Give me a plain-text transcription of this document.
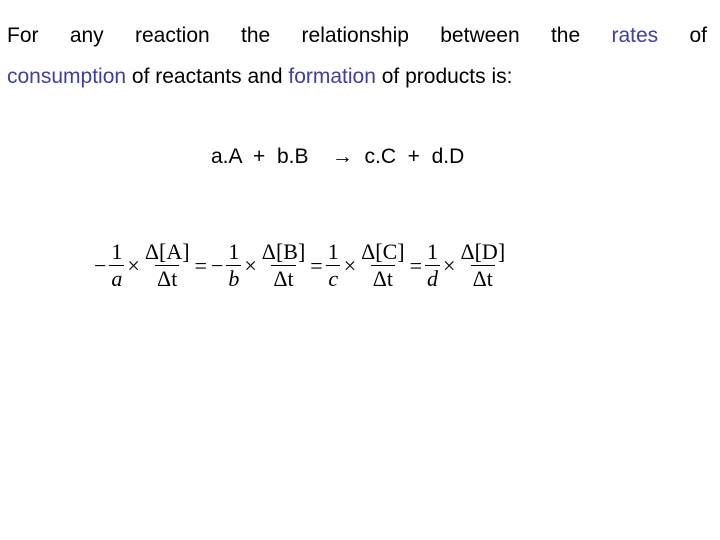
For any reaction the relationship between the rates of
consumption of reactants and formation of products is:
a.A  +  b.B    →  c.C  +  d.D
− $\frac{1}{a} \times \frac{\Delta[A]}{\Delta t}$ = − $\frac{1}{b} \times \frac{\Delta[B]}{\Delta t} = \frac{1}{c} \times \frac{\Delta[C]}{\Delta t} = \frac{1}{d} \times \frac{\Delta[D]}{\Delta t}$
